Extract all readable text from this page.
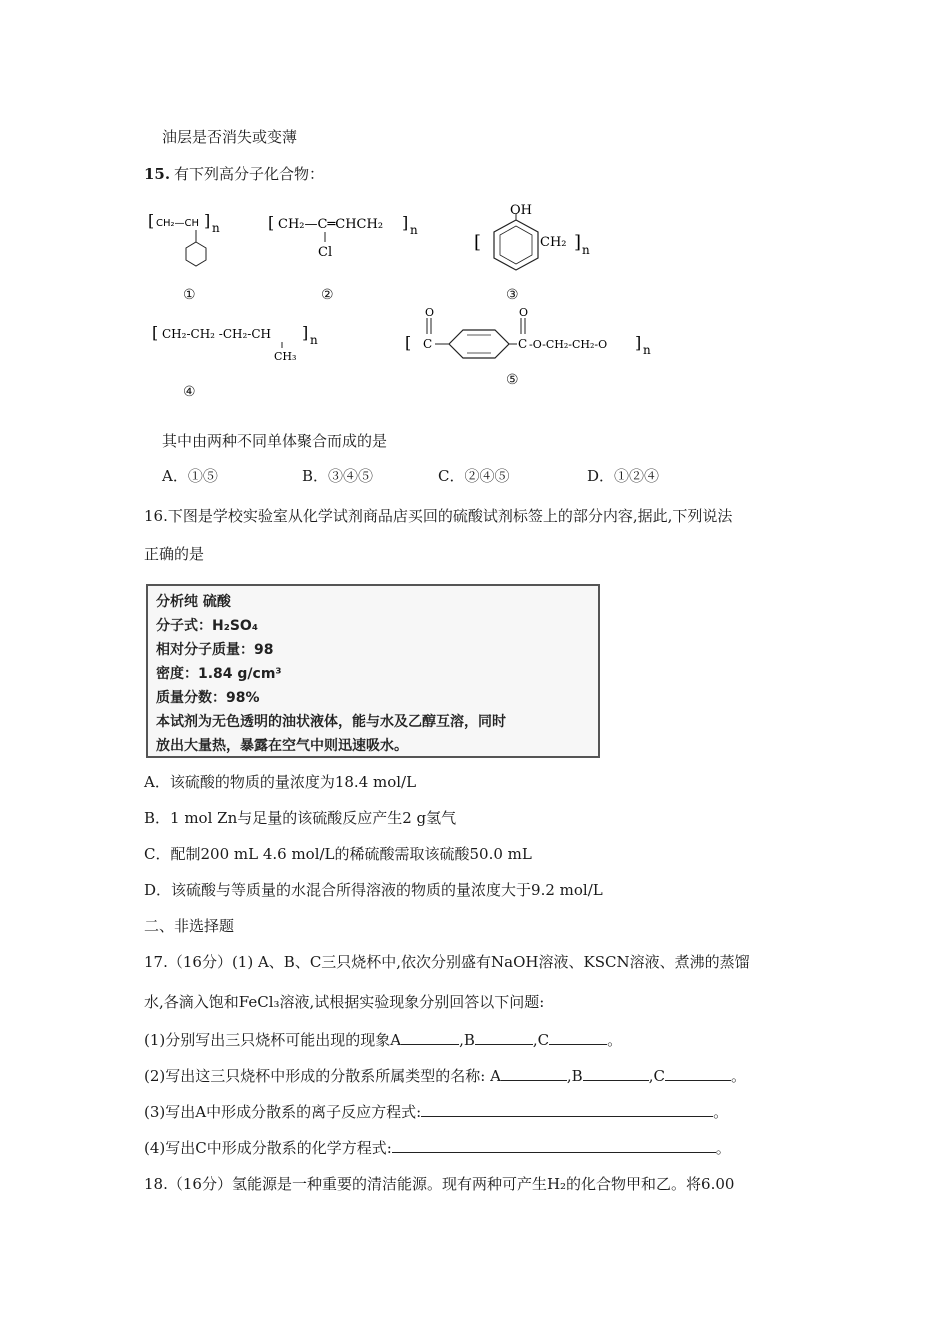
油层是否消失或变薄
15. 有下列高分子化合物：
[ CH₂—CH ] n
①
[ CH₂—C═CHCH₂ ] n
Cl
②
[
OH
CH₂ ] n
③
[ CH₂-CH₂ -CH₂-CH ] n
CH₃
④
[
O
C	C
O
-O-CH₂-CH₂-O ] n
⑤
其中由两种不同单体聚合而成的是
A．①⑤	B．③④⑤	C．②④⑤	D．①②④
16.下图是学校实验室从化学试剂商品店买回的硫酸试剂标签上的部分内容,据此,下列说法
正确的是
分析纯 硫酸
分子式：H₂SO₄
相对分子质量：98
密度：1.84 g/cm³
质量分数：98%
本试剂为无色透明的油状液体，能与水及乙醇互溶，同时
放出大量热，暴露在空气中则迅速吸水。
A．该硫酸的物质的量浓度为18.4 mol/L
B．1 mol Zn与足量的该硫酸反应产生2 g氢气
C．配制200 mL 4.6 mol/L的稀硫酸需取该硫酸50.0 mL
D．该硫酸与等质量的水混合所得溶液的物质的量浓度大于9.2 mol/L
二、非选择题
17.（16分）(1) A、B、C三只烧杯中,依次分别盛有NaOH溶液、KSCN溶液、煮沸的蒸馏
水,各滴入饱和FeCl₃溶液,试根据实验现象分别回答以下问题:
(1)分别写出三只烧杯可能出现的现象A	,B	,C	。
(2)写出这三只烧杯中形成的分散系所属类型的名称: A	,B	,C	。
(3)写出A中形成分散系的离子反应方程式:	。
(4)写出C中形成分散系的化学方程式:	。
18.（16分）氢能源是一种重要的清洁能源。现有两种可产生H₂的化合物甲和乙。将6.00
